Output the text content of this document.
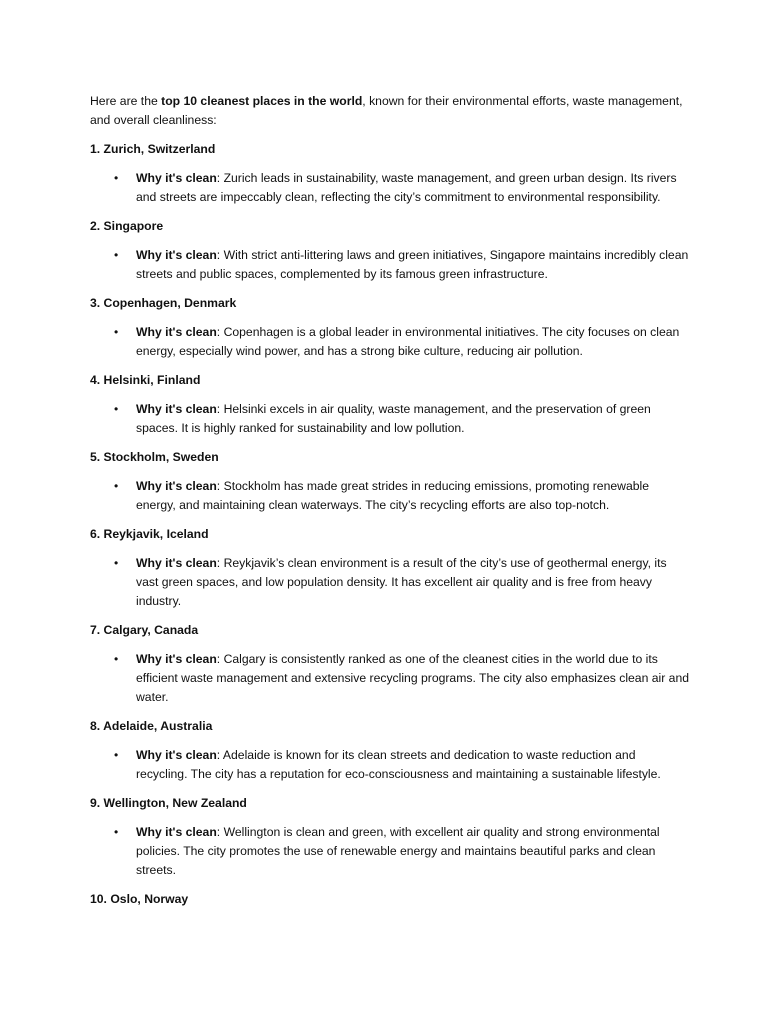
Here are the top 10 cleanest places in the world, known for their environmental efforts, waste management, and overall cleanliness:

1. Zurich, Switzerland
• Why it's clean: Zurich leads in sustainability, waste management, and green urban design. Its rivers and streets are impeccably clean, reflecting the city’s commitment to environmental responsibility.
2. Singapore
• Why it's clean: With strict anti-littering laws and green initiatives, Singapore maintains incredibly clean streets and public spaces, complemented by its famous green infrastructure.
3. Copenhagen, Denmark
• Why it's clean: Copenhagen is a global leader in environmental initiatives. The city focuses on clean energy, especially wind power, and has a strong bike culture, reducing air pollution.
4. Helsinki, Finland
• Why it's clean: Helsinki excels in air quality, waste management, and the preservation of green spaces. It is highly ranked for sustainability and low pollution.
5. Stockholm, Sweden
• Why it's clean: Stockholm has made great strides in reducing emissions, promoting renewable energy, and maintaining clean waterways. The city’s recycling efforts are also top-notch.
6. Reykjavik, Iceland
• Why it's clean: Reykjavik’s clean environment is a result of the city’s use of geothermal energy, its vast green spaces, and low population density. It has excellent air quality and is free from heavy industry.
7. Calgary, Canada
• Why it's clean: Calgary is consistently ranked as one of the cleanest cities in the world due to its efficient waste management and extensive recycling programs. The city also emphasizes clean air and water.
8. Adelaide, Australia
• Why it's clean: Adelaide is known for its clean streets and dedication to waste reduction and recycling. The city has a reputation for eco-consciousness and maintaining a sustainable lifestyle.
9. Wellington, New Zealand
• Why it's clean: Wellington is clean and green, with excellent air quality and strong environmental policies. The city promotes the use of renewable energy and maintains beautiful parks and clean streets.
10. Oslo, Norway
